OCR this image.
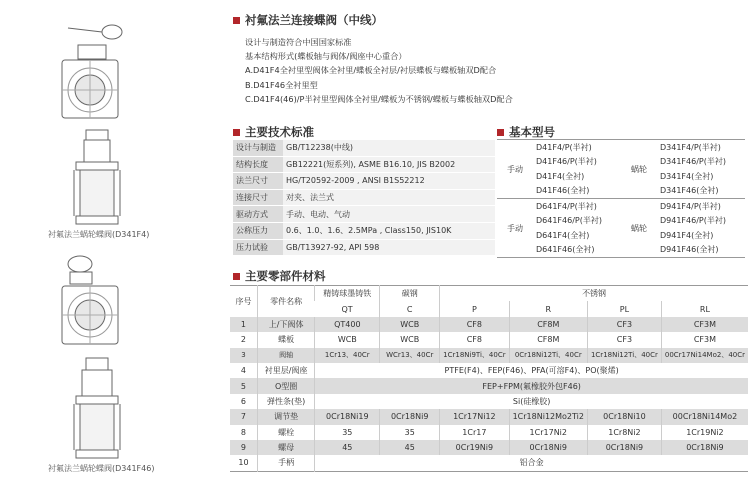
衬氟法兰蜗轮蝶阀(D341F4)
衬氟法兰蜗轮蝶阀(D341F46)
衬氟法兰连接蝶阀（中线）
设计与制造符合中国国家标准
基本结构形式(蝶板轴与阀体/阀座中心重合）
A.D41F4全衬里型阀体全衬里/蝶板全衬层/衬层蝶板与蝶板轴双D配合
B.D41F46全衬里型
C.D41F4(46)/P半衬里型阀体全衬里/蝶板为不锈钢/蝶板与蝶板轴双D配合
主要技术标准
设计与制造	GB/T12238(中线)
结构长度	GB12221(短系列), ASME B16.10, JIS B2002
法兰尺寸	HG/T20592-2009 , ANSI B1S52212
连接尺寸	对夹、法兰式
驱动方式	手动、电动、气动
公称压力	0.6、1.0、1.6、2.5MPa , Class150, JIS10K
压力试验	GB/T13927-92, API 598
基本型号
手动	D41F4/P(半衬)	蜗轮	D341F4/P(半衬)
	D41F46/P(半衬)		D341F46/P(半衬)
	D41F4(全衬)		D341F4(全衬)
	D41F46(全衬)		D341F46(全衬)
手动	D641F4/P(半衬)	蜗轮	D941F4/P(半衬)
	D641F46/P(半衬)		D941F46/P(半衬)
	D641F4(全衬)		D941F4(全衬)
	D641F46(全衬)		D941F46(全衬)
主要零部件材料
序号	零件名称	精铸球墨铸铁	碳钢	不锈钢			
		QT	C	P	R	PL	RL
1	上/下阀体	QT400	WCB	CF8	CF8M	CF3	CF3M
2	蝶板	WCB	WCB	CF8	CF8M	CF3	CF3M
3	阀轴	1Cr13、40Cr	WCr13、40Cr	1Cr18Ni9Ti、40Cr	0Cr18Ni12Ti、40Cr	1Cr18Ni12Ti、40Cr	00Cr17Ni14Mo2、40Cr
4	衬里层/阀座	PTFE(F4)、FEP(F46)、PFA(可溶F4)、PO(聚烯)					
5	O型圈	FEP+FPM(氟橡胶外包F46)					
6	弹性条(垫)	Si(硅橡胶)					
7	调节垫	0Cr18Ni19	0Cr18Ni9	1Cr17Ni12	1Cr18Ni12Mo2Ti2	0Cr18Ni10	00Cr18Ni14Mo2
8	螺栓	35	35	1Cr17	1Cr17Ni2	1Cr8Ni2	1Cr19Ni2
9	螺母	45	45	0Cr19Ni9	0Cr18Ni9	0Cr18Ni9	0Cr18Ni9
10	手柄	铝合金					
